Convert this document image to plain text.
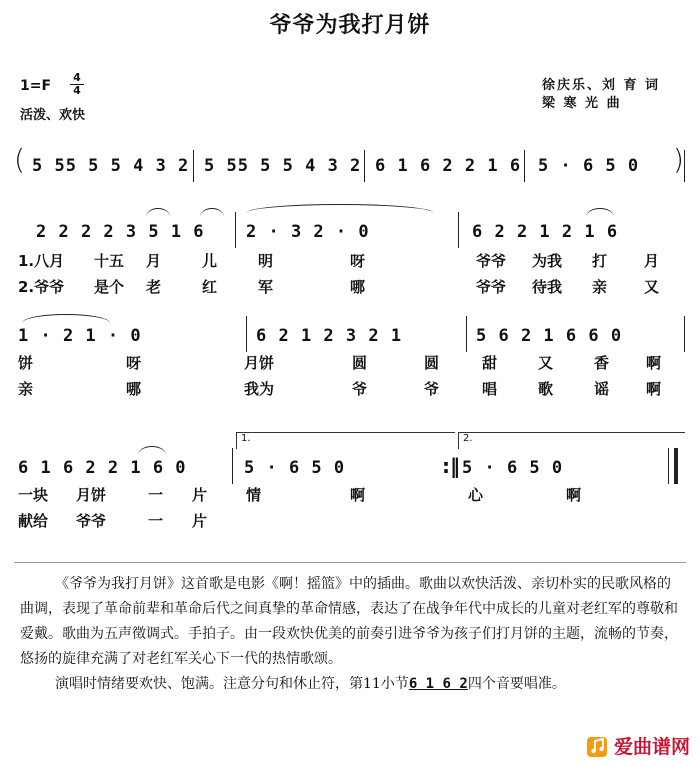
爷爷为我打月饼
1=F
4
4
活泼、欢快
徐庆乐、刘 育 词
梁 寒 光 曲
( 5 55 5 5 4 3 2 5 55 5 5 4 3 2 6 1 6 2 2 1 6 5 · 6 5 0 )
2 2 2 2 3 5 1 6 2 · 3 2 · 0	6 2 2 1 2 1 6
1.八月 十五 月	儿	明	呀	爷爷 为我 打 月
2.爷爷 是个 老	红	军	哪	爷爷 待我 亲 又
1 · 2 1 · 0	6 2 1 2 3 2 1	5 6 2 1 6 6 0
饼	呀	月饼	圆	圆	甜	又	香 啊
亲	哪	我为	爷	爷	唱	歌	谣 啊
1.	2.
6 1 6 2 2 1 6 0	5 · 6 5 0	:‖ 5 · 6 5 0
一块 月饼	一 片	情	啊	心	啊
献给 爷爷	一 片

《爷爷为我打月饼》这首歌是电影《啊！摇篮》中的插曲。歌曲以欢快活泼、亲切朴实的民歌风格的曲调，表现了革命前辈和革命后代之间真挚的革命情感，表达了在战争年代中成长的儿童对老红军的尊敬和爱戴。歌曲为五声徵调式。手拍子。由一段欢快优美的前奏引进爷爷为孩子们打月饼的主题，流畅的节奏，悠扬的旋律充满了对老红军关心下一代的热情歌颂。

演唱时情绪要欢快、饱满。注意分句和休止符，第11小节6 1 6 2四个音要唱准。

爱曲谱网
